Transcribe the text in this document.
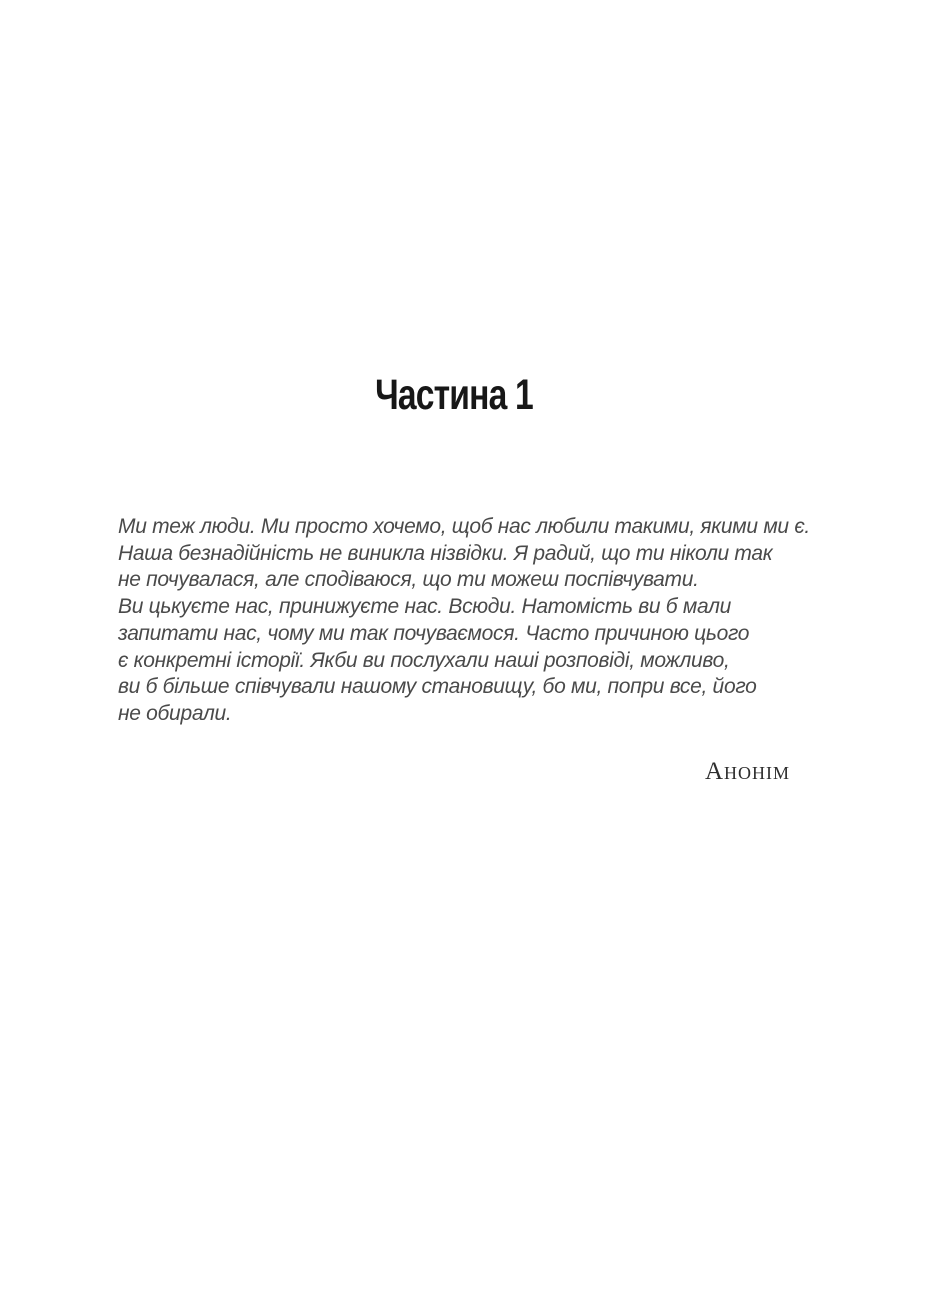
Частина 1
Ми теж люди. Ми просто хочемо, щоб нас любили такими, якими ми є.
Наша безнадійність не виникла нізвідки. Я радий, що ти ніколи так
не почувалася, але сподіваюся, що ти можеш поспівчувати.
Ви цькуєте нас, принижуєте нас. Всюди. Натомість ви б мали
запитати нас, чому ми так почуваємося. Часто причиною цього
є конкретні історії. Якби ви послухали наші розповіді, можливо,
ви б більше співчували нашому становищу, бо ми, попри все, його
не обирали.
Анонім
